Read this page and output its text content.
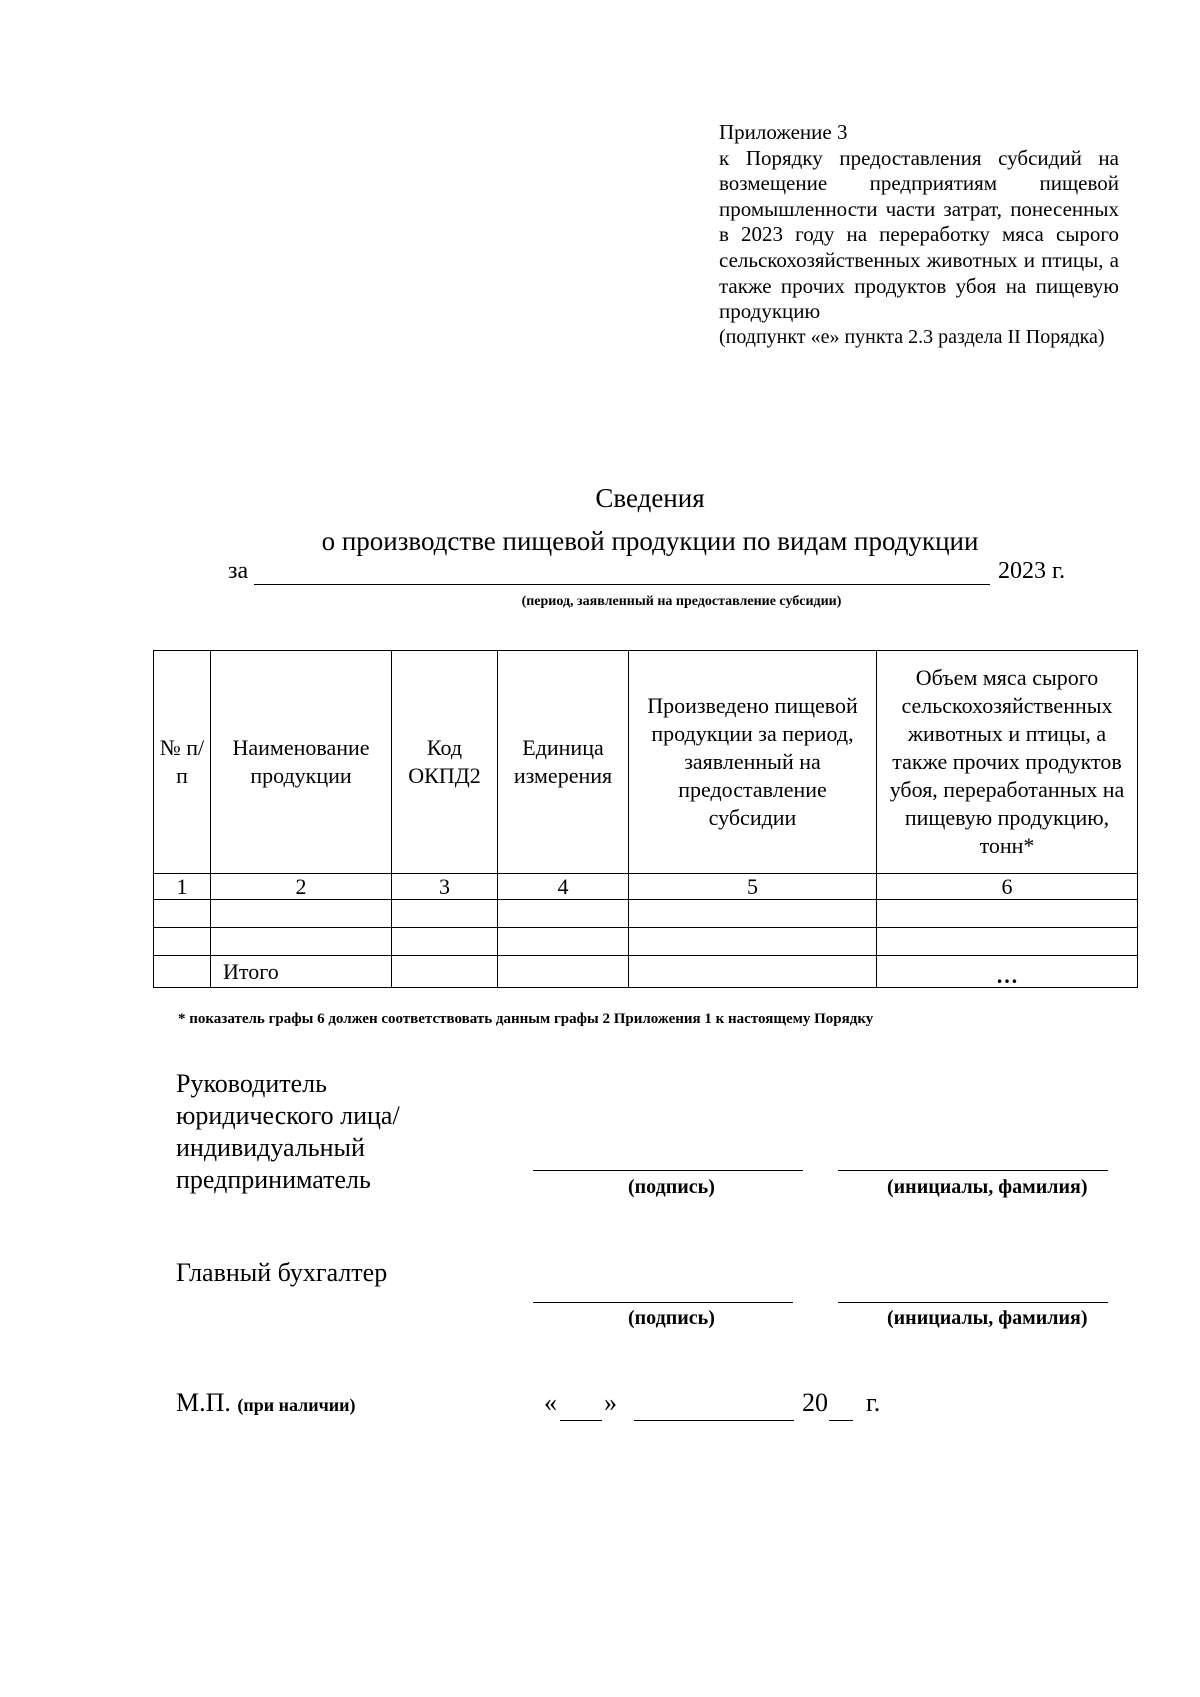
Приложение 3
к Порядку предоставления субсидий на возмещение предприятиям пищевой промышленности части затрат, понесенных в 2023 году на переработку мяса сырого сельскохозяйственных животных и птицы, а также прочих продуктов убоя на пищевую продукцию
(подпункт «е» пункта 2.3 раздела II Порядка)
Сведения
о производстве пищевой продукции по видам продукции
за	2023 г.
(период, заявленный на предоставление субсидии)
№ п/п	Наименование продукции	Код ОКПД2	Единица измерения	Произведено пищевой продукции за период, заявленный на предоставление субсидии	Объем мяса сырого сельскохозяйственных животных и птицы, а также прочих продуктов убоя, переработанных на пищевую продукцию, тонн*
1	2	3	4	5	6

	Итого				…
* показатель графы 6 должен соответствовать данным графы 2 Приложения 1 к настоящему Порядку
Руководитель юридического лица/ индивидуальный предприниматель	(подпись)	(инициалы, фамилия)
Главный бухгалтер
(подпись)	(инициалы, фамилия)
М.П. (при наличии)	« »	20 г.
